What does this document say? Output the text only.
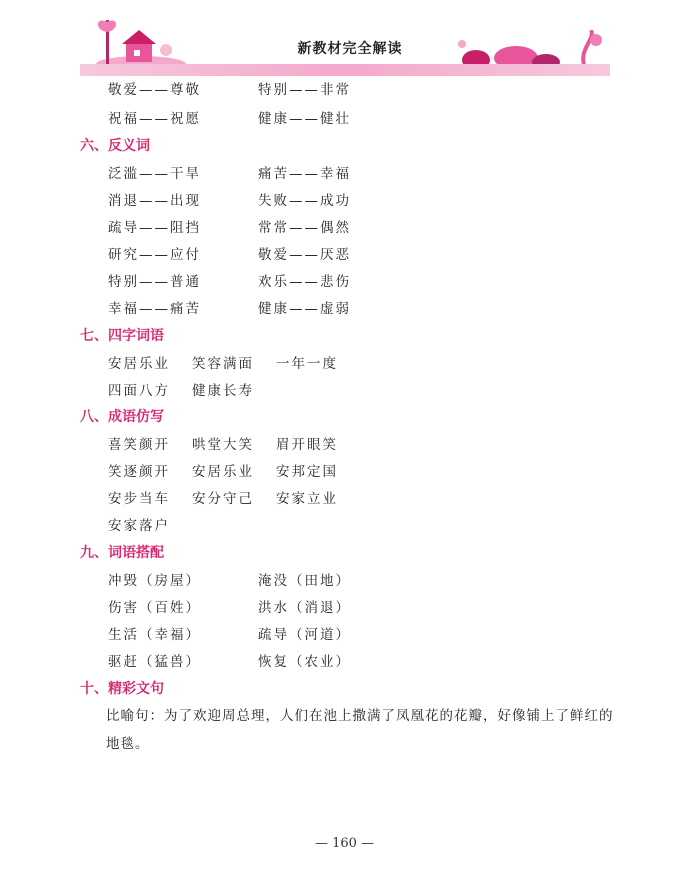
新教材完全解读
敬爱——尊敬	特别——非常
祝福——祝愿	健康——健壮
六、反义词
泛滥——干旱	痛苦——幸福
消退——出现	失败——成功
疏导——阻挡	常常——偶然
研究——应付	敬爱——厌恶
特别——普通	欢乐——悲伤
幸福——痛苦	健康——虚弱
七、四字词语
安居乐业 笑容满面 一年一度
四面八方 健康长寿
八、成语仿写
喜笑颜开 哄堂大笑 眉开眼笑
笑逐颜开 安居乐业 安邦定国
安步当车 安分守己 安家立业
安家落户
九、词语搭配
冲毁（房屋）	淹没（田地）
伤害（百姓）	洪水（消退）
生活（幸福）	疏导（河道）
驱赶（猛兽）	恢复（农业）
十、精彩文句
比喻句：为了欢迎周总理，人们在池上撒满了凤凰花的花瓣，好像铺上了鲜红的地毯。
— 160 —
